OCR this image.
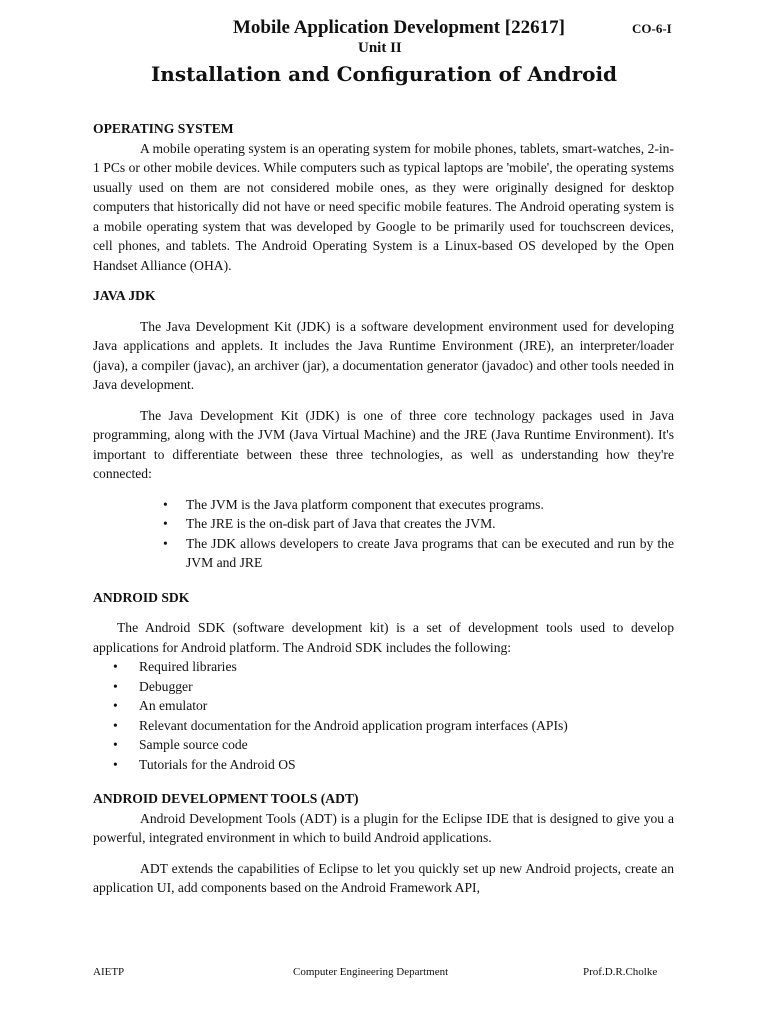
Mobile Application Development [22617]	CO-6-I
Unit II
Installation and Configuration of Android
OPERATING SYSTEM

A mobile operating system is an operating system for mobile phones, tablets, smart-watches, 2-in-1 PCs or other mobile devices. While computers such as typical laptops are 'mobile', the operating systems usually used on them are not considered mobile ones, as they were originally designed for desktop computers that historically did not have or need specific mobile features. The Android operating system is a mobile operating system that was developed by Google to be primarily used for touchscreen devices, cell phones, and tablets. The Android Operating System is a Linux-based OS developed by the Open Handset Alliance (OHA).

JAVA JDK

The Java Development Kit (JDK) is a software development environment used for developing Java applications and applets. It includes the Java Runtime Environment (JRE), an interpreter/loader (java), a compiler (javac), an archiver (jar), a documentation generator (javadoc) and other tools needed in Java development.

The Java Development Kit (JDK) is one of three core technology packages used in Java programming, along with the JVM (Java Virtual Machine) and the JRE (Java Runtime Environment). It's important to differentiate between these three technologies, as well as understanding how they're connected:

• The JVM is the Java platform component that executes programs.
• The JRE is the on-disk part of Java that creates the JVM.
• The JDK allows developers to create Java programs that can be executed and run by the JVM and JRE
ANDROID SDK

The Android SDK (software development kit) is a set of development tools used to develop applications for Android platform. The Android SDK includes the following:

• Required libraries
• Debugger
• An emulator
• Relevant documentation for the Android application program interfaces (APIs)
• Sample source code
• Tutorials for the Android OS
ANDROID DEVELOPMENT TOOLS (ADT)

Android Development Tools (ADT) is a plugin for the Eclipse IDE that is designed to give you a powerful, integrated environment in which to build Android applications.

ADT extends the capabilities of Eclipse to let you quickly set up new Android projects, create an application UI, add components based on the Android Framework API,

AIETP	Computer Engineering Department	Prof.D.R.Cholke
